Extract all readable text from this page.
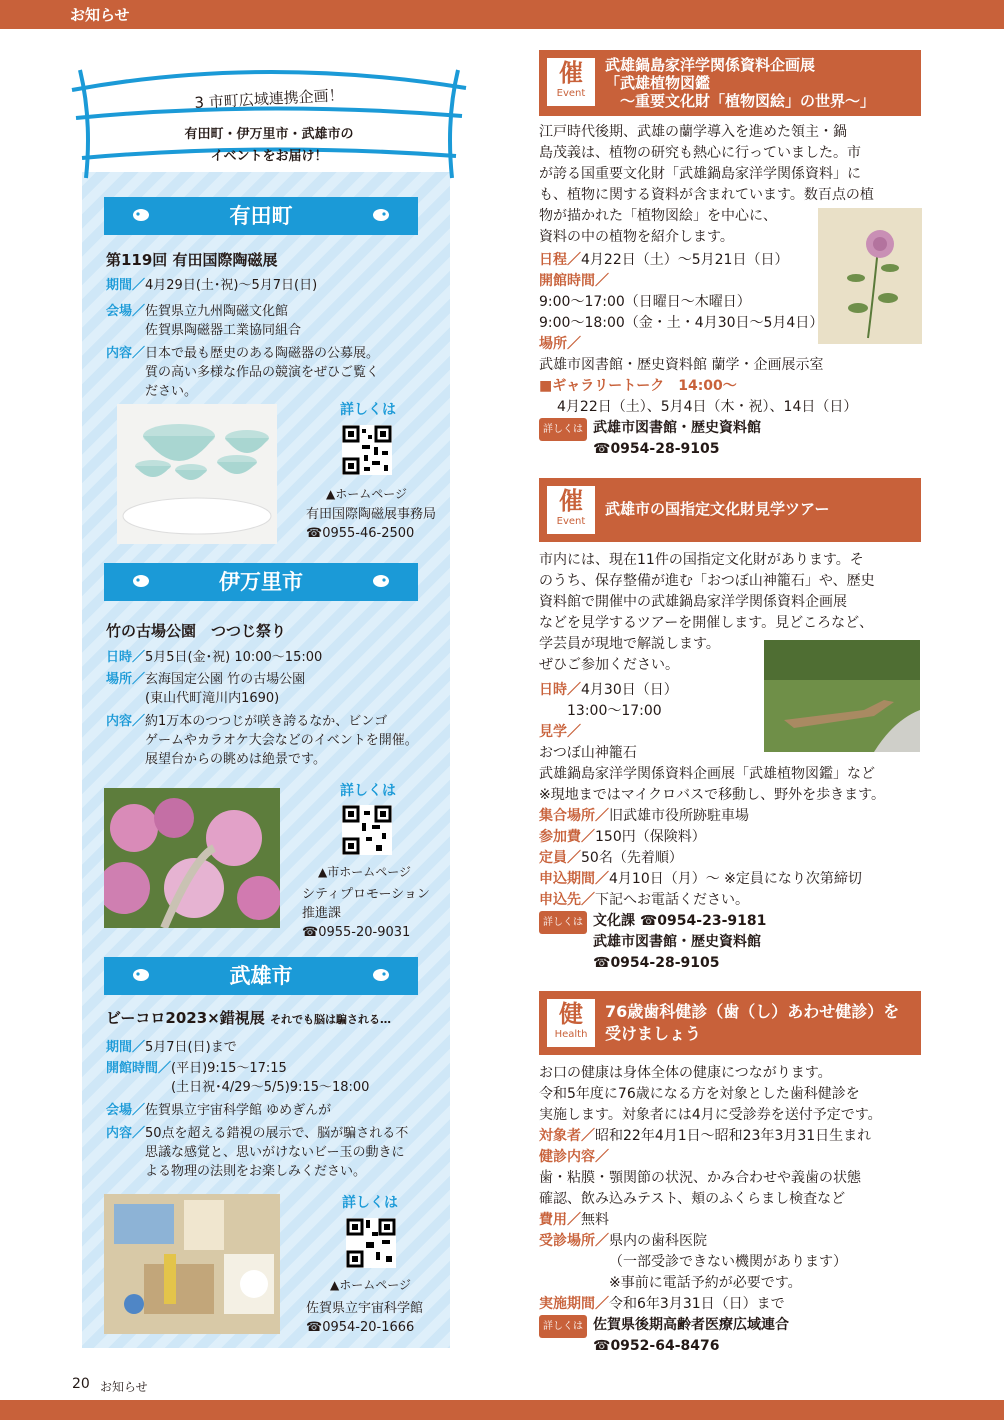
お知らせ
20 お知らせ
3 市町広域連携企画！
有田町・伊万里市・武雄市の
イベントをお届け！
有田町
第119回 有田国際陶磁展
期間／ 4月29日(土･祝)～5月7日(日)
会場／ 佐賀県立九州陶磁文化館
佐賀県陶磁器工業協同組合
内容／ 日本で最も歴史のある陶磁器の公募展。
質の高い多様な作品の競演をぜひご覧く
ださい。
詳しくは
▲ホームページ
有田国際陶磁展事務局
☎0955-46-2500
伊万里市
竹の古場公園　つつじ祭り
日時／ 5月5日(金･祝) 10:00～15:00
場所／ 玄海国定公園 竹の古場公園
(東山代町滝川内1690)
内容／ 約1万本のつつじが咲き誇るなか、ビンゴ
ゲームやカラオケ大会などのイベントを開催。
展望台からの眺めは絶景です。
詳しくは
▲市ホームページ
シティプロモーション
推進課
☎0955-20-9031
武雄市
ビーコロ2023×錯視展 それでも脳は騙される…
期間／ 5月7日(日)まで
開館時間／ (平日)9:15～17:15
(土日祝･4/29～5/5)9:15～18:00
会場／ 佐賀県立宇宙科学館 ゆめぎんが
内容／ 50点を超える錯視の展示で、脳が騙される不
思議な感覚と、思いがけないビー玉の動きに
よる物理の法則をお楽しみください。
詳しくは
▲ホームページ
佐賀県立宇宙科学館
☎0954-20-1666
催
Event
武雄鍋島家洋学関係資料企画展
「武雄植物図鑑
　～重要文化財「植物図絵」の世界～」
江戸時代後期、武雄の蘭学導入を進めた領主・鍋
島茂義は、植物の研究も熱心に行っていました。市
が誇る国重要文化財「武雄鍋島家洋学関係資料」に
も、植物に関する資料が含まれています。数百点の植
物が描かれた「植物図絵」を中心に、
資料の中の植物を紹介します。
日程／4月22日（土）～5月21日（日）
開館時間／
9:00～17:00（日曜日～木曜日）
9:00～18:00（金・土・4月30日～5月4日）
場所／
武雄市図書館・歴史資料館 蘭学・企画展示室
■ギャラリートーク　14:00～
4月22日（土）、5月4日（木・祝）、14日（日）
詳しくは 武雄市図書館・歴史資料館
☎0954-28-9105
催
Event
武雄市の国指定文化財見学ツアー
市内には、現在11件の国指定文化財があります。そ
のうち、保存整備が進む「おつぼ山神籠石」や、歴史
資料館で開催中の武雄鍋島家洋学関係資料企画展
などを見学するツアーを開催します。見どころなど、
学芸員が現地で解説します。
ぜひご参加ください。
日時／4月30日（日）
　　13:00～17:00
見学／
おつぼ山神籠石
武雄鍋島家洋学関係資料企画展「武雄植物図鑑」など
※現地まではマイクロバスで移動し、野外を歩きます。
集合場所／旧武雄市役所跡駐車場
参加費／150円（保険料）
定員／50名（先着順）
申込期間／4月10日（月）～ ※定員になり次第締切
申込先／下記へお電話ください。
詳しくは 文化課 ☎0954-23-9181
武雄市図書館・歴史資料館
☎0954-28-9105
健
Health
76歳歯科健診（歯（し）あわせ健診）を
受けましょう
お口の健康は身体全体の健康につながります。
令和5年度に76歳になる方を対象とした歯科健診を
実施します。対象者には4月に受診券を送付予定です。
対象者／昭和22年4月1日～昭和23年3月31日生まれ
健診内容／
歯・粘膜・顎関節の状況、かみ合わせや義歯の状態
確認、飲み込みテスト、頬のふくらまし検査など
費用／無料
受診場所／ 県内の歯科医院
（一部受診できない機関があります）
※事前に電話予約が必要です。
実施期間／令和6年3月31日（日）まで
詳しくは 佐賀県後期高齢者医療広域連合
☎0952-64-8476
